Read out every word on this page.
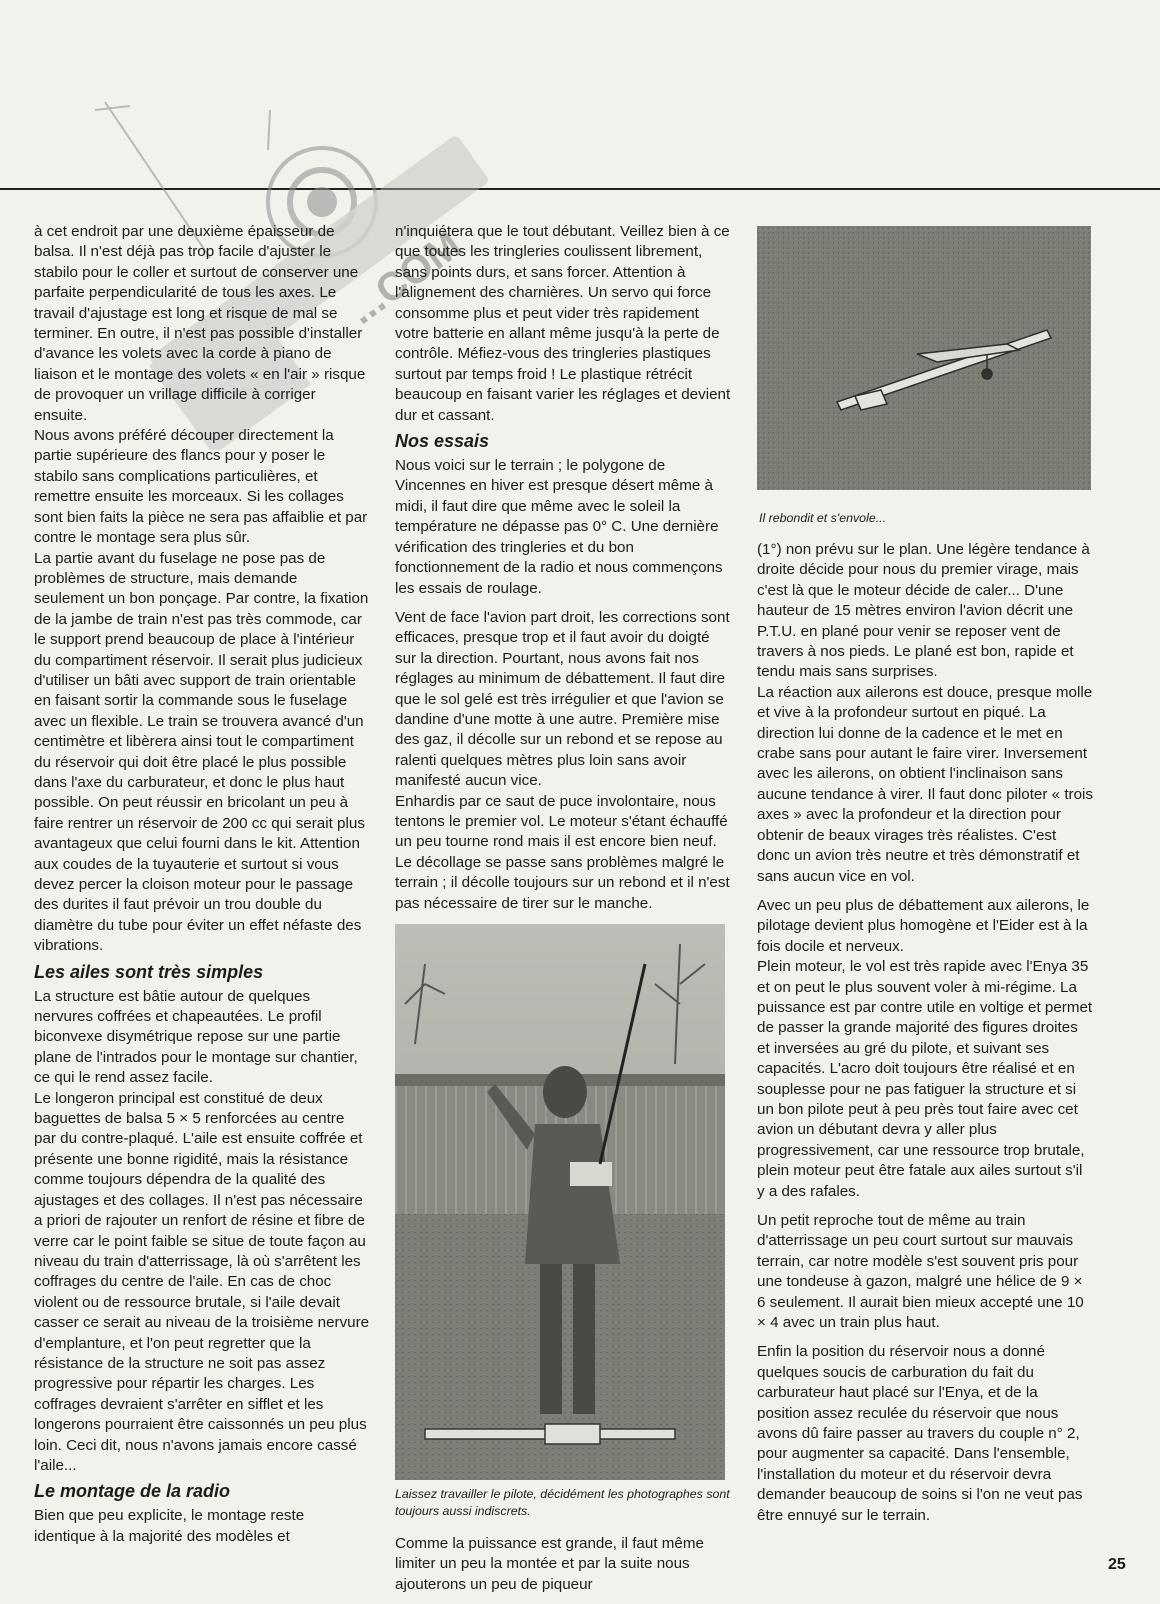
...COM

à cet endroit par une deuxième épaisseur de balsa. Il n'est déjà pas trop facile d'ajuster le stabilo pour le coller et surtout de conserver une parfaite perpendicularité de tous les axes. Le travail d'ajustage est long et risque de mal se terminer. En outre, il n'est pas possible d'installer d'avance les volets avec la corde à piano de liaison et le montage des volets « en l'air » risque de provoquer un vrillage difficile à corriger ensuite.

Nous avons préféré découper directement la partie supérieure des flancs pour y poser le stabilo sans complications particulières, et remettre ensuite les morceaux. Si les collages sont bien faits la pièce ne sera pas affaiblie et par contre le montage sera plus sûr.

La partie avant du fuselage ne pose pas de problèmes de structure, mais demande seulement un bon ponçage. Par contre, la fixation de la jambe de train n'est pas très commode, car le support prend beaucoup de place à l'intérieur du compartiment réservoir. Il serait plus judicieux d'utiliser un bâti avec support de train orientable en faisant sortir la commande sous le fuselage avec un flexible. Le train se trouvera avancé d'un centimètre et libèrera ainsi tout le compartiment du réservoir qui doit être placé le plus possible dans l'axe du carburateur, et donc le plus haut possible. On peut réussir en bricolant un peu à faire rentrer un réservoir de 200 cc qui serait plus avantageux que celui fourni dans le kit. Attention aux coudes de la tuyauterie et surtout si vous devez percer la cloison moteur pour le passage des durites il faut prévoir un trou double du diamètre du tube pour éviter un effet néfaste des vibrations.

Les ailes sont très simples

La structure est bâtie autour de quelques nervures coffrées et chapeautées. Le profil biconvexe disymétrique repose sur une partie plane de l'intrados pour le montage sur chantier, ce qui le rend assez facile.

Le longeron principal est constitué de deux baguettes de balsa 5 × 5 renforcées au centre par du contre-plaqué. L'aile est ensuite coffrée et présente une bonne rigidité, mais la résistance comme toujours dépendra de la qualité des ajustages et des collages. Il n'est pas nécessaire a priori de rajouter un renfort de résine et fibre de verre car le point faible se situe de toute façon au niveau du train d'atterrissage, là où s'arrêtent les coffrages du centre de l'aile. En cas de choc violent ou de ressource brutale, si l'aile devait casser ce serait au niveau de la troisième nervure d'emplanture, et l'on peut regretter que la résistance de la structure ne soit pas assez progressive pour répartir les charges. Les coffrages devraient s'arrêter en sifflet et les longerons pourraient être caissonnés un peu plus loin. Ceci dit, nous n'avons jamais encore cassé l'aile...

Le montage de la radio

Bien que peu explicite, le montage reste identique à la majorité des modèles et

n'inquiétera que le tout débutant. Veillez bien à ce que toutes les tringleries coulissent librement, sans points durs, et sans forcer. Attention à l'alignement des charnières. Un servo qui force consomme plus et peut vider très rapidement votre batterie en allant même jusqu'à la perte de contrôle. Méfiez-vous des tringleries plastiques surtout par temps froid ! Le plastique rétrécit beaucoup en faisant varier les réglages et devient dur et cassant.

Nos essais

Nous voici sur le terrain ; le polygone de Vincennes en hiver est presque désert même à midi, il faut dire que même avec le soleil la température ne dépasse pas 0° C. Une dernière vérification des tringleries et du bon fonctionnement de la radio et nous commençons les essais de roulage.

Vent de face l'avion part droit, les corrections sont efficaces, presque trop et il faut avoir du doigté sur la direction. Pourtant, nous avons fait nos réglages au minimum de débattement. Il faut dire que le sol gelé est très irrégulier et que l'avion se dandine d'une motte à une autre. Première mise des gaz, il décolle sur un rebond et se repose au ralenti quelques mètres plus loin sans avoir manifesté aucun vice.

Enhardis par ce saut de puce involontaire, nous tentons le premier vol. Le moteur s'étant échauffé un peu tourne rond mais il est encore bien neuf. Le décollage se passe sans problèmes malgré le terrain ; il décolle toujours sur un rebond et il n'est pas nécessaire de tirer sur le manche.

Laissez travailler le pilote, décidément les photographes sont toujours aussi indiscrets.

Comme la puissance est grande, il faut même limiter un peu la montée et par la suite nous ajouterons un peu de piqueur

Il rebondit et s'envole...

(1°) non prévu sur le plan. Une légère tendance à droite décide pour nous du premier virage, mais c'est là que le moteur décide de caler... D'une hauteur de 15 mètres environ l'avion décrit une P.T.U. en plané pour venir se reposer vent de travers à nos pieds. Le plané est bon, rapide et tendu mais sans surprises.

La réaction aux ailerons est douce, presque molle et vive à la profondeur surtout en piqué. La direction lui donne de la cadence et le met en crabe sans pour autant le faire virer. Inversement avec les ailerons, on obtient l'inclinaison sans aucune tendance à virer. Il faut donc piloter « trois axes » avec la profondeur et la direction pour obtenir de beaux virages très réalistes. C'est donc un avion très neutre et très démonstratif et sans aucun vice en vol.

Avec un peu plus de débattement aux ailerons, le pilotage devient plus homogène et l'Eider est à la fois docile et nerveux.

Plein moteur, le vol est très rapide avec l'Enya 35 et on peut le plus souvent voler à mi-régime. La puissance est par contre utile en voltige et permet de passer la grande majorité des figures droites et inversées au gré du pilote, et suivant ses capacités. L'acro doit toujours être réalisé et en souplesse pour ne pas fatiguer la structure et si un bon pilote peut à peu près tout faire avec cet avion un débutant devra y aller plus progressivement, car une ressource trop brutale, plein moteur peut être fatale aux ailes surtout s'il y a des rafales.

Un petit reproche tout de même au train d'atterrissage un peu court surtout sur mauvais terrain, car notre modèle s'est souvent pris pour une tondeuse à gazon, malgré une hélice de 9 × 6 seulement. Il aurait bien mieux accepté une 10 × 4 avec un train plus haut.

Enfin la position du réservoir nous a donné quelques soucis de carburation du fait du carburateur haut placé sur l'Enya, et de la position assez reculée du réservoir que nous avons dû faire passer au travers du couple n° 2, pour augmenter sa capacité. Dans l'ensemble, l'installation du moteur et du réservoir devra demander beaucoup de soins si l'on ne veut pas être ennuyé sur le terrain.

25
